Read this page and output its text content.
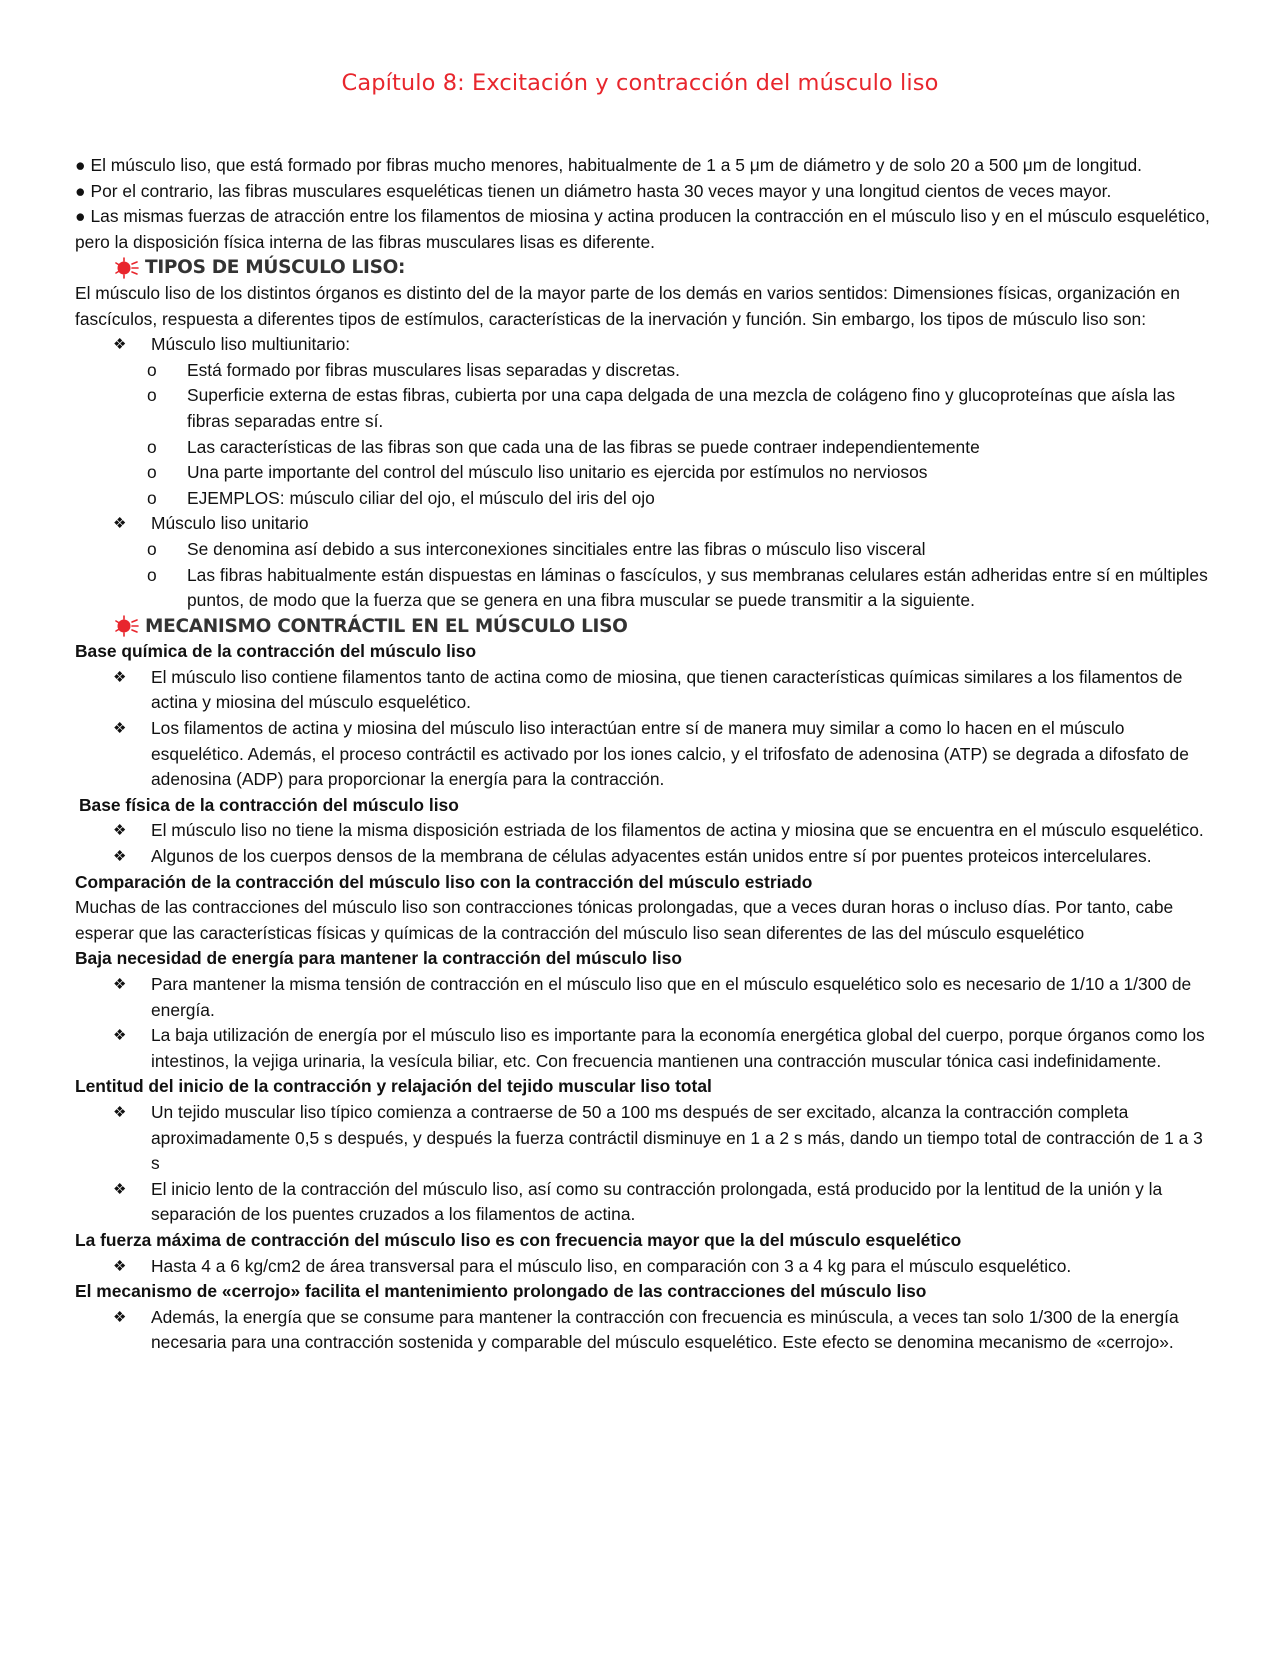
Capítulo 8: Excitación y contracción del músculo liso

● El músculo liso, que está formado por fibras mucho menores, habitualmente de 1 a 5 μm de diámetro y de solo 20 a 500 μm de longitud.

● Por el contrario, las fibras musculares esqueléticas tienen un diámetro hasta 30 veces mayor y una longitud cientos de veces mayor.

● Las mismas fuerzas de atracción entre los filamentos de miosina y actina producen la contracción en el músculo liso y en el músculo esquelético, pero la disposición física interna de las fibras musculares lisas es diferente.

TIPOS DE MÚSCULO LISO:

El músculo liso de los distintos órganos es distinto del de la mayor parte de los demás en varios sentidos: Dimensiones físicas, organización en fascículos, respuesta a diferentes tipos de estímulos, características de la inervación y función. Sin embargo, los tipos de músculo liso son:

❖ Músculo liso multiunitario:
o Está formado por fibras musculares lisas separadas y discretas.
o Superficie externa de estas fibras, cubierta por una capa delgada de una mezcla de colágeno fino y glucoproteínas que aísla las fibras separadas entre sí.
o Las características de las fibras son que cada una de las fibras se puede contraer independientemente
o Una parte importante del control del músculo liso unitario es ejercida por estímulos no nerviosos
o EJEMPLOS: músculo ciliar del ojo, el músculo del iris del ojo
❖ Músculo liso unitario
o Se denomina así debido a sus interconexiones sincitiales entre las fibras o músculo liso visceral
o Las fibras habitualmente están dispuestas en láminas o fascículos, y sus membranas celulares están adheridas entre sí en múltiples puntos, de modo que la fuerza que se genera en una fibra muscular se puede transmitir a la siguiente.
MECANISMO CONTRÁCTIL EN EL MÚSCULO LISO

Base química de la contracción del músculo liso

❖ El músculo liso contiene filamentos tanto de actina como de miosina, que tienen características químicas similares a los filamentos de actina y miosina del músculo esquelético.
❖ Los filamentos de actina y miosina del músculo liso interactúan entre sí de manera muy similar a como lo hacen en el músculo esquelético. Además, el proceso contráctil es activado por los iones calcio, y el trifosfato de adenosina (ATP) se degrada a difosfato de adenosina (ADP) para proporcionar la energía para la contracción.

Base física de la contracción del músculo liso

❖ El músculo liso no tiene la misma disposición estriada de los filamentos de actina y miosina que se encuentra en el músculo esquelético.
❖ Algunos de los cuerpos densos de la membrana de células adyacentes están unidos entre sí por puentes proteicos intercelulares.

Comparación de la contracción del músculo liso con la contracción del músculo estriado

Muchas de las contracciones del músculo liso son contracciones tónicas prolongadas, que a veces duran horas o incluso días. Por tanto, cabe esperar que las características físicas y químicas de la contracción del músculo liso sean diferentes de las del músculo esquelético

Baja necesidad de energía para mantener la contracción del músculo liso

❖ Para mantener la misma tensión de contracción en el músculo liso que en el músculo esquelético solo es necesario de 1/10 a 1/300 de energía.
❖ La baja utilización de energía por el músculo liso es importante para la economía energética global del cuerpo, porque órganos como los intestinos, la vejiga urinaria, la vesícula biliar, etc. Con frecuencia mantienen una contracción muscular tónica casi indefinidamente.

Lentitud del inicio de la contracción y relajación del tejido muscular liso total

❖ Un tejido muscular liso típico comienza a contraerse de 50 a 100 ms después de ser excitado, alcanza la contracción completa aproximadamente 0,5 s después, y después la fuerza contráctil disminuye en 1 a 2 s más, dando un tiempo total de contracción de 1 a 3 s
❖ El inicio lento de la contracción del músculo liso, así como su contracción prolongada, está producido por la lentitud de la unión y la separación de los puentes cruzados a los filamentos de actina.

La fuerza máxima de contracción del músculo liso es con frecuencia mayor que la del músculo esquelético

❖ Hasta 4 a 6 kg/cm2 de área transversal para el músculo liso, en comparación con 3 a 4 kg para el músculo esquelético.

El mecanismo de «cerrojo» facilita el mantenimiento prolongado de las contracciones del músculo liso

❖ Además, la energía que se consume para mantener la contracción con frecuencia es minúscula, a veces tan solo 1/300 de la energía necesaria para una contracción sostenida y comparable del músculo esquelético. Este efecto se denomina mecanismo de «cerrojo».
